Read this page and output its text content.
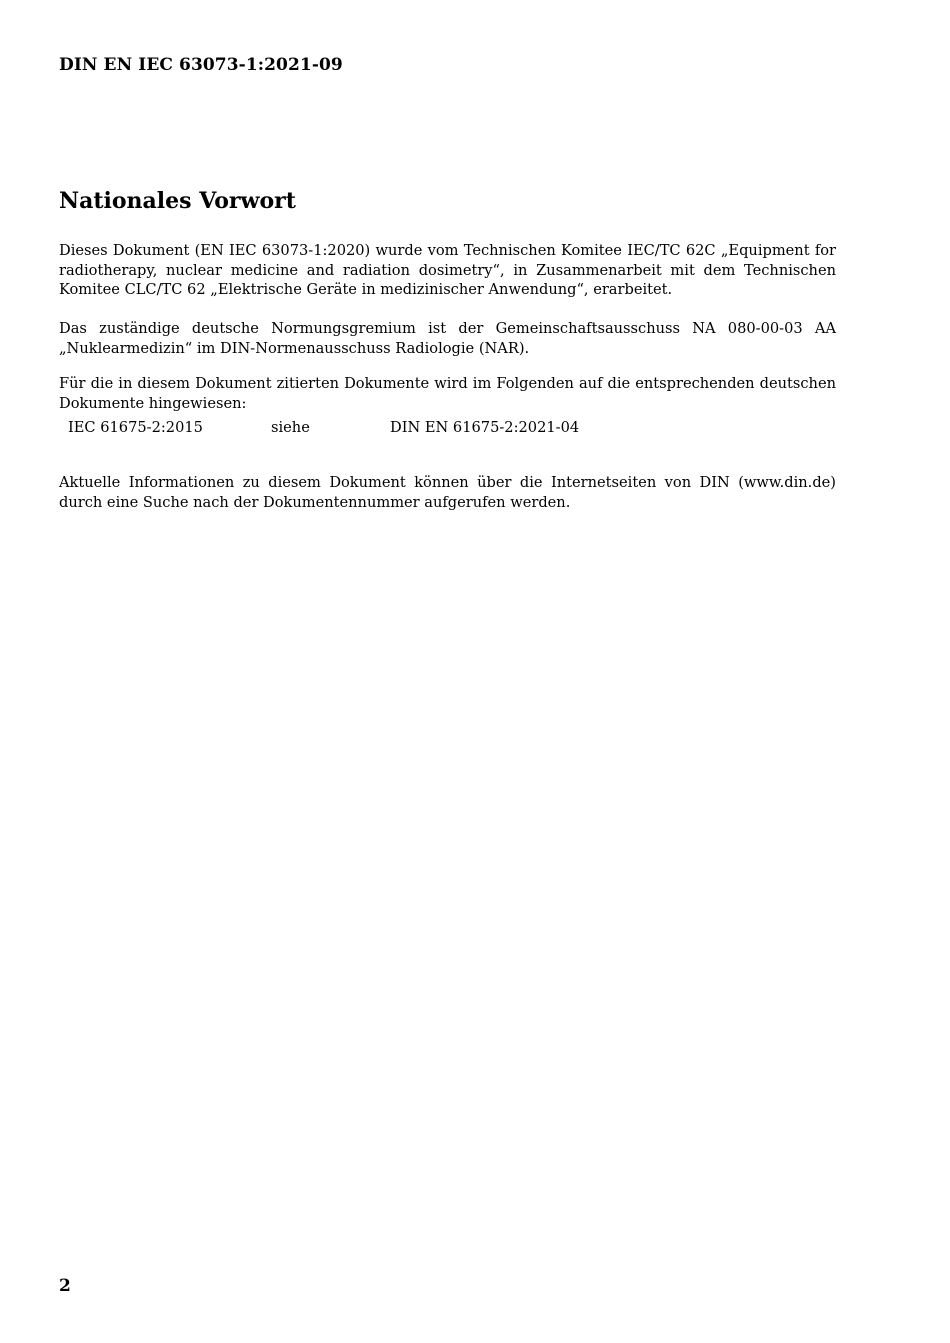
DIN EN IEC 63073-1:2021-09
Nationales Vorwort

Dieses Dokument (EN IEC 63073-1:2020) wurde vom Technischen Komitee IEC/TC 62C „Equipment for radiotherapy, nuclear medicine and radiation dosimetry“, in Zusammenarbeit mit dem Technischen Komitee CLC/TC 62 „Elektrische Geräte in medizinischer Anwendung“, erarbeitet.

Das zuständige deutsche Normungsgremium ist der Gemeinschaftsausschuss NA 080-00-03 AA „Nuklearmedizin“ im DIN-Normenausschuss Radiologie (NAR).

Für die in diesem Dokument zitierten Dokumente wird im Folgenden auf die entsprechenden deutschen Dokumente hingewiesen:

IEC 61675-2:2015	siehe	DIN EN 61675-2:2021-04

Aktuelle Informationen zu diesem Dokument können über die Internetseiten von DIN (www.din.de) durch eine Suche nach der Dokumentennummer aufgerufen werden.

2
